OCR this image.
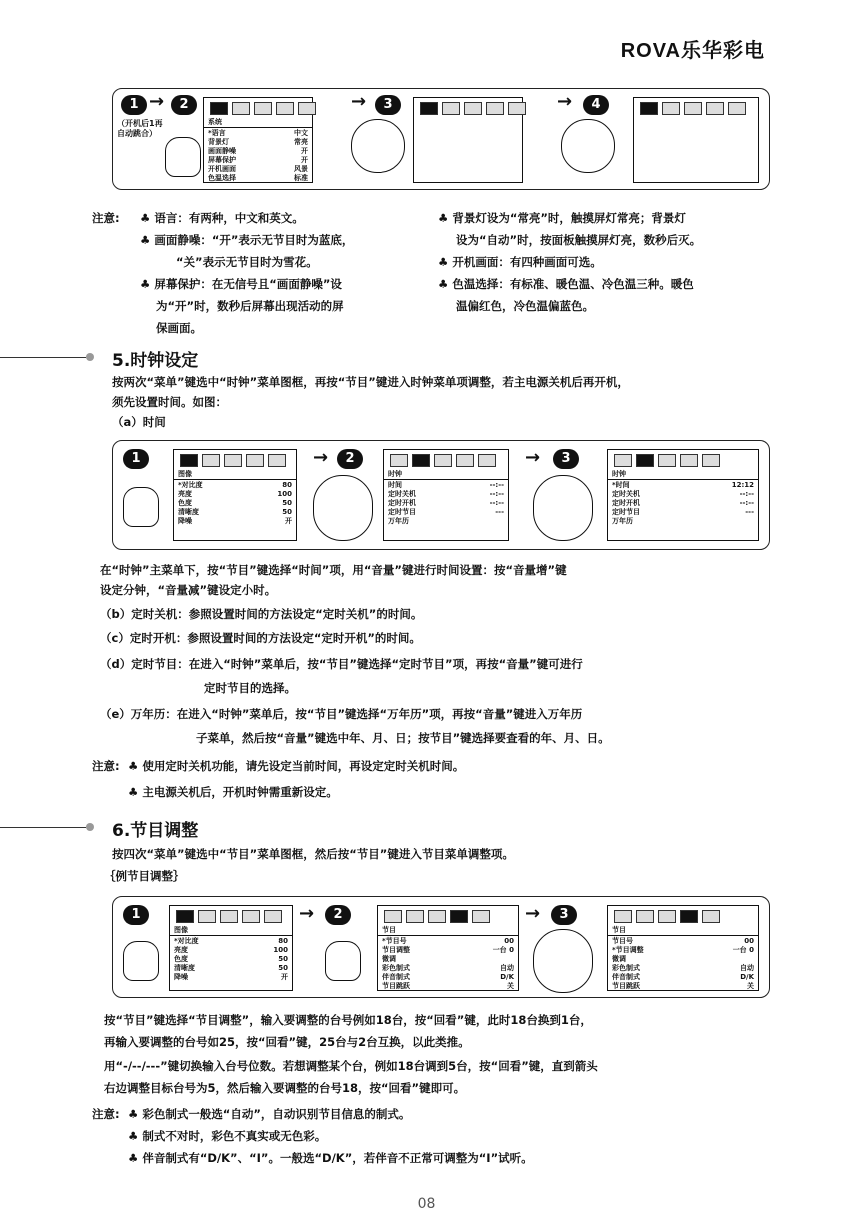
ROVA乐华彩电
1 →	2
（开机后1再
自动跳合）
系统
*语言	中文
背景灯	常亮
画面静噪	开
屏幕保护	开
开机画面	风景
色温选择	标准
→	3	→	4
注意: ♣ 语言：有两种，中文和英文。
♣ 画面静噪：“开”表示无节目时为蓝底，
“关”表示无节目时为雪花。
♣ 屏幕保护：在无信号且“画面静噪”设
为“开”时，数秒后屏幕出现活动的屏
保画面。
♣ 背景灯设为“常亮”时，触摸屏灯常亮；背景灯
设为“自动”时，按面板触摸屏灯亮，数秒后灭。
♣ 开机画面：有四种画面可选。
♣ 色温选择：有标准、暖色温、冷色温三种。暖色
温偏红色，冷色温偏蓝色。
5.时钟设定
按两次“菜单”键选中“时钟”菜单图框，再按“节目”键进入时钟菜单项调整，若主电源关机后再开机，
须先设置时间。如图：
（a）时间
1
图像
*对比度	80
亮度	100
色度	50
清晰度	50
降噪	开
→	2
时钟
时间	--:--
定时关机	--:--
定时开机	--:--
定时节目	---
万年历
→	3
时钟
*时间	12:12
定时关机	--:--
定时开机	--:--
定时节目	---
万年历
在“时钟”主菜单下，按“节目”键选择“时间”项，用“音量”键进行时间设置：按“音量增”键
设定分钟，“音量减”键设定小时。
（b）定时关机：参照设置时间的方法设定“定时关机”的时间。
（c）定时开机：参照设置时间的方法设定“定时开机”的时间。
（d）定时节目：在进入“时钟”菜单后，按“节目”键选择“定时节目”项，再按“音量”键可进行
定时节目的选择。
（e）万年历：在进入“时钟”菜单后，按“节目”键选择“万年历”项，再按“音量”键进入万年历
子菜单，然后按“音量”键选中年、月、日；按节目”键选择要查看的年、月、日。
注意: ♣ 使用定时关机功能，请先设定当前时间，再设定定时关机时间。
♣ 主电源关机后，开机时钟需重新设定。
6.节目调整
按四次“菜单”键选中“节目”菜单图框，然后按“节目”键进入节目菜单调整项。
｛例节目调整｝
1
图像
*对比度	80
亮度	100
色度	50
清晰度	50
降噪	开
→	2
节目
*节目号	00
节目调整	一台 0
微调
彩色制式	自动
伴音制式	D/K
节目跳跃	关
→	3
节目
节目号	00
*节目调整	一台 0
微调
彩色制式	自动
伴音制式	D/K
节目跳跃	关
按“节目”键选择“节目调整”，输入要调整的台号例如18台，按“回看”键，此时18台换到1台，
再输入要调整的台号如25，按“回看”键，25台与2台互换，以此类推。
用“-/--/---”键切换输入台号位数。若想调整某个台，例如18台调到5台，按“回看”键，直到箭头
右边调整目标台号为5，然后输入要调整的台号18，按“回看”键即可。
注意: ♣ 彩色制式一般选“自动”，自动识别节目信息的制式。
♣ 制式不对时，彩色不真实或无色彩。
♣ 伴音制式有“D/K”、“I”。一般选“D/K”，若伴音不正常可调整为“I”试听。
08
